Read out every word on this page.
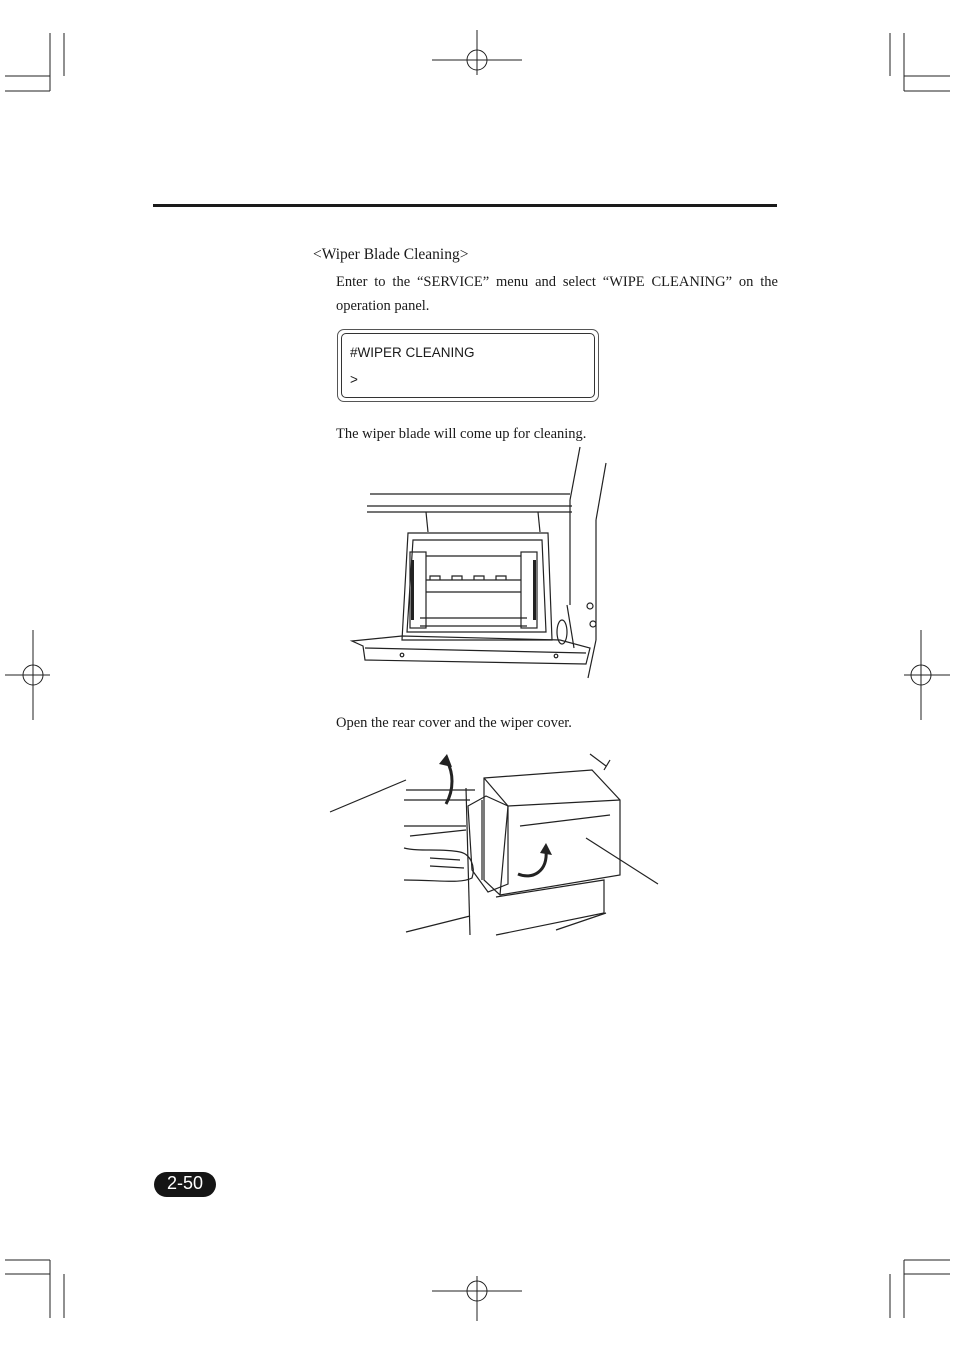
<Wiper Blade Cleaning>
Enter to the “SERVICE” menu and select “WIPE CLEANING” on the operation panel.
#WIPER CLEANING
>
The wiper blade will come up for cleaning.
Open the rear cover and the wiper cover.
2-50
